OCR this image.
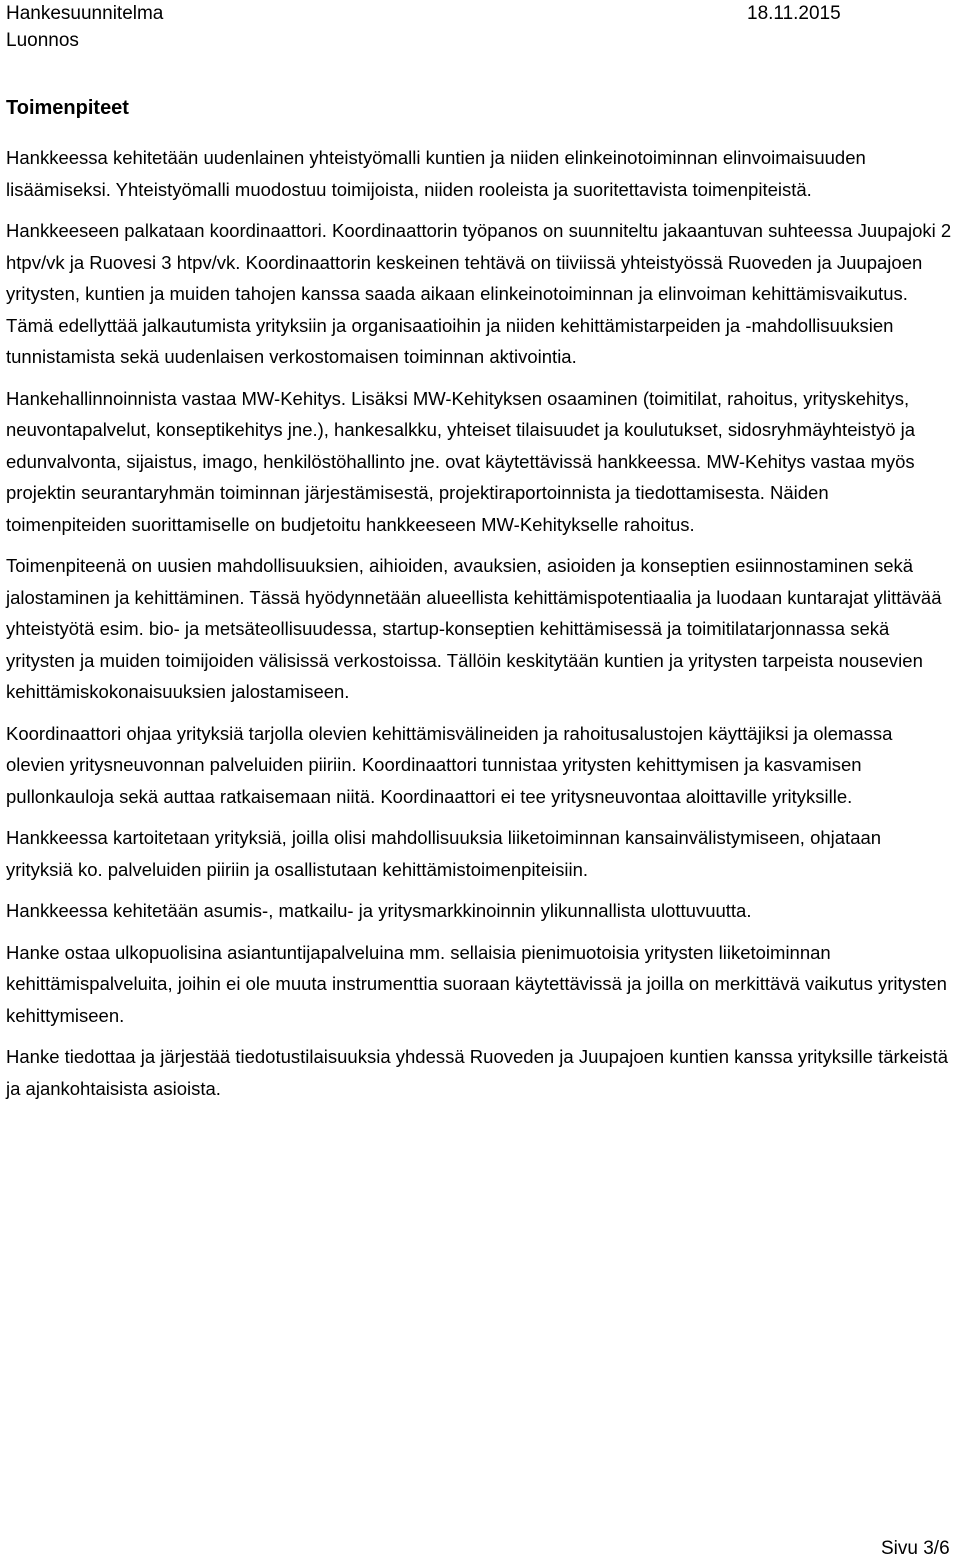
Hankesuunnitelma	18.11.2015
Luonnos
Toimenpiteet

Hankkeessa kehitetään uudenlainen yhteistyömalli kuntien ja niiden elinkeinotoiminnan elinvoimaisuuden lisäämiseksi. Yhteistyömalli muodostuu toimijoista, niiden rooleista ja suoritettavista toimenpiteistä.

Hankkeeseen palkataan koordinaattori. Koordinaattorin työpanos on suunniteltu jakaantuvan suhteessa Juupajoki 2 htpv/vk ja Ruovesi 3 htpv/vk. Koordinaattorin keskeinen tehtävä on tiiviissä yhteistyössä Ruoveden ja Juupajoen yritysten, kuntien ja muiden tahojen kanssa saada aikaan elinkeinotoiminnan ja elinvoiman kehittämisvaikutus. Tämä edellyttää jalkautumista yrityksiin ja organisaatioihin ja niiden kehittämistarpeiden ja -mahdollisuuksien tunnistamista sekä uudenlaisen verkostomaisen toiminnan aktivointia.

Hankehallinnoinnista vastaa MW-Kehitys. Lisäksi MW-Kehityksen osaaminen (toimitilat, rahoitus, yrityskehitys, neuvontapalvelut, konseptikehitys jne.), hankesalkku, yhteiset tilaisuudet ja koulutukset, sidosryhmäyhteistyö ja edunvalvonta, sijaistus, imago, henkilöstöhallinto jne. ovat käytettävissä hankkeessa. MW-Kehitys vastaa myös projektin seurantaryhmän toiminnan järjestämisestä, projektiraportoinnista ja tiedottamisesta. Näiden toimenpiteiden suorittamiselle on budjetoitu hankkeeseen MW-Kehitykselle rahoitus.

Toimenpiteenä on uusien mahdollisuuksien, aihioiden, avauksien, asioiden ja konseptien esiinnostaminen sekä jalostaminen ja kehittäminen. Tässä hyödynnetään alueellista kehittämispotentiaalia ja luodaan kuntarajat ylittävää yhteistyötä esim. bio- ja metsäteollisuudessa, startup-konseptien kehittämisessä ja toimitilatarjonnassa sekä yritysten ja muiden toimijoiden välisissä verkostoissa. Tällöin keskitytään kuntien ja yritysten tarpeista nousevien kehittämiskokonaisuuksien jalostamiseen.

Koordinaattori ohjaa yrityksiä tarjolla olevien kehittämisvälineiden ja rahoitusalustojen käyttäjiksi ja olemassa olevien yritysneuvonnan palveluiden piiriin. Koordinaattori tunnistaa yritysten kehittymisen ja kasvamisen pullonkauloja sekä auttaa ratkaisemaan niitä. Koordinaattori ei tee yritysneuvontaa aloittaville yrityksille.

Hankkeessa kartoitetaan yrityksiä, joilla olisi mahdollisuuksia liiketoiminnan kansainvälistymiseen, ohjataan yrityksiä ko. palveluiden piiriin ja osallistutaan kehittämistoimenpiteisiin.

Hankkeessa kehitetään asumis-, matkailu- ja yritysmarkkinoinnin ylikunnallista ulottuvuutta.

Hanke ostaa ulkopuolisina asiantuntijapalveluina mm. sellaisia pienimuotoisia yritysten liiketoiminnan kehittämispalveluita, joihin ei ole muuta instrumenttia suoraan käytettävissä ja joilla on merkittävä vaikutus yritysten kehittymiseen.

Hanke tiedottaa ja järjestää tiedotustilaisuuksia yhdessä Ruoveden ja Juupajoen kuntien kanssa yrityksille tärkeistä ja ajankohtaisista asioista.

Sivu 3/6
